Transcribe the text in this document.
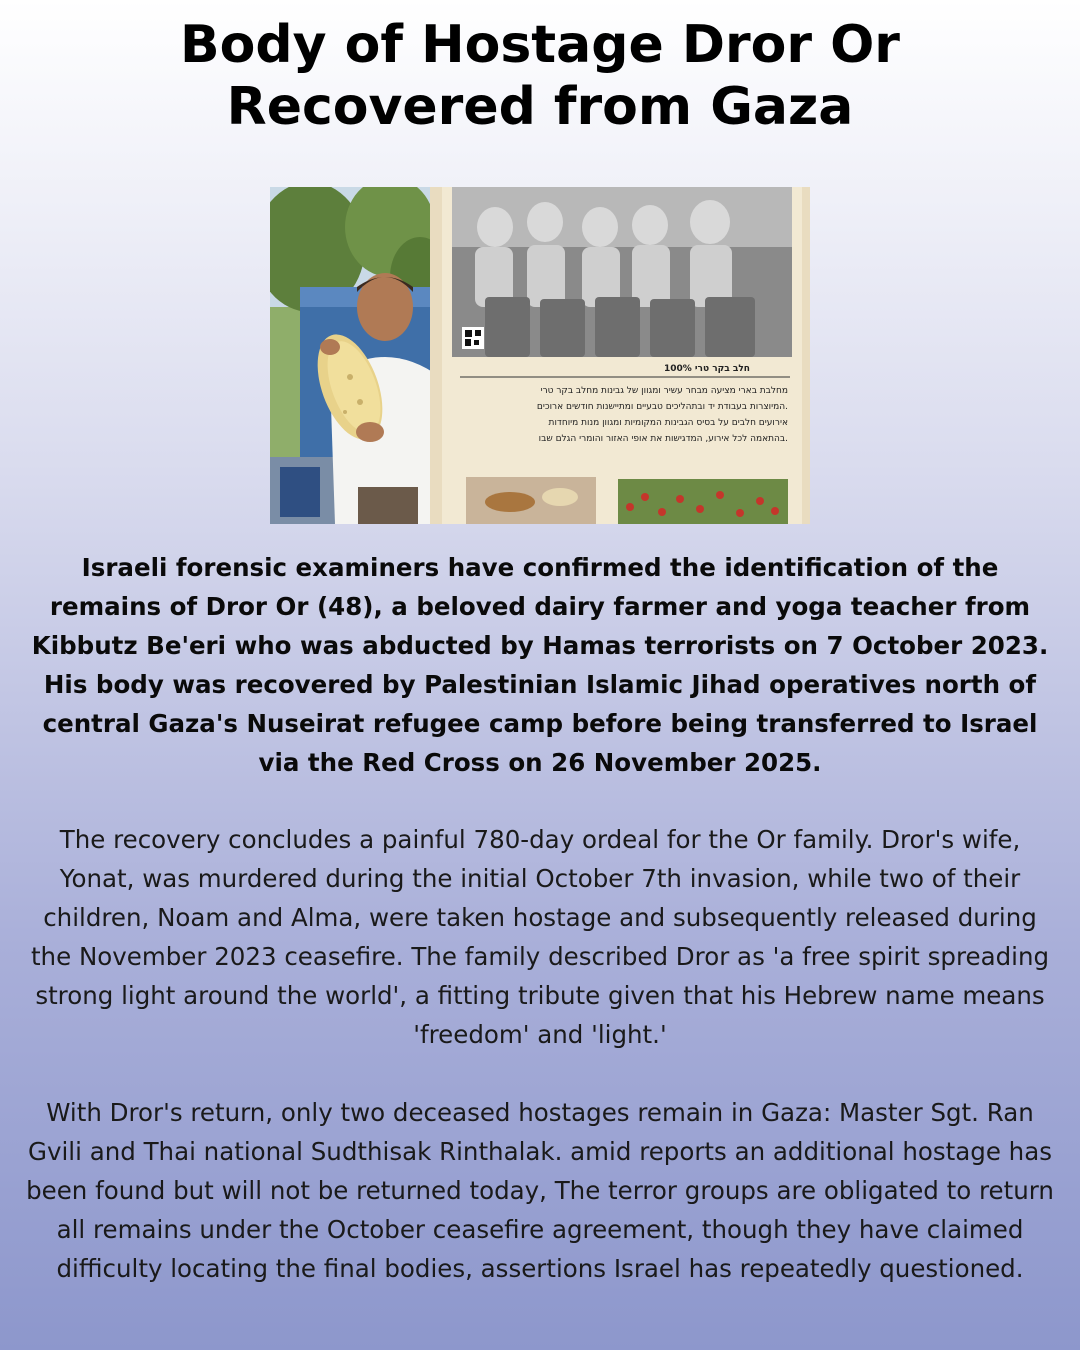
Body of Hostage Dror Or Recovered from Gaza
100% חלב בקר טרי
מחלבת בארי מציעה מבחר עשיר ומגוון של גבינות מחלב בקר טרי
המיוצרות בעבודת יד ובתהליכים טבעיים ומתיישנות חודשים ארוכים.
אירועים חלבים על בסיס הגבינות המקומיות ומגוון מנות מיוחדות
בהתאמה לכל אירוע, המדגישות את אופי האזור והומרי הגלם שבו.

Israeli forensic examiners have confirmed the identification of the remains of Dror Or (48), a beloved dairy farmer and yoga teacher from Kibbutz Be'eri who was abducted by Hamas terrorists on 7 October 2023. His body was recovered by Palestinian Islamic Jihad operatives north of central Gaza's Nuseirat refugee camp before being transferred to Israel via the Red Cross on 26 November 2025.

The recovery concludes a painful 780-day ordeal for the Or family. Dror's wife, Yonat, was murdered during the initial October 7th invasion, while two of their children, Noam and Alma, were taken hostage and subsequently released during the November 2023 ceasefire. The family described Dror as 'a free spirit spreading strong light around the world', a fitting tribute given that his Hebrew name means 'freedom' and 'light.'

With Dror's return, only two deceased hostages remain in Gaza: Master Sgt. Ran Gvili and Thai national Sudthisak Rinthalak. amid reports an additional hostage has been found but will not be returned today, The terror groups are obligated to return all remains under the October ceasefire agreement, though they have claimed difficulty locating the final bodies, assertions Israel has repeatedly questioned.
